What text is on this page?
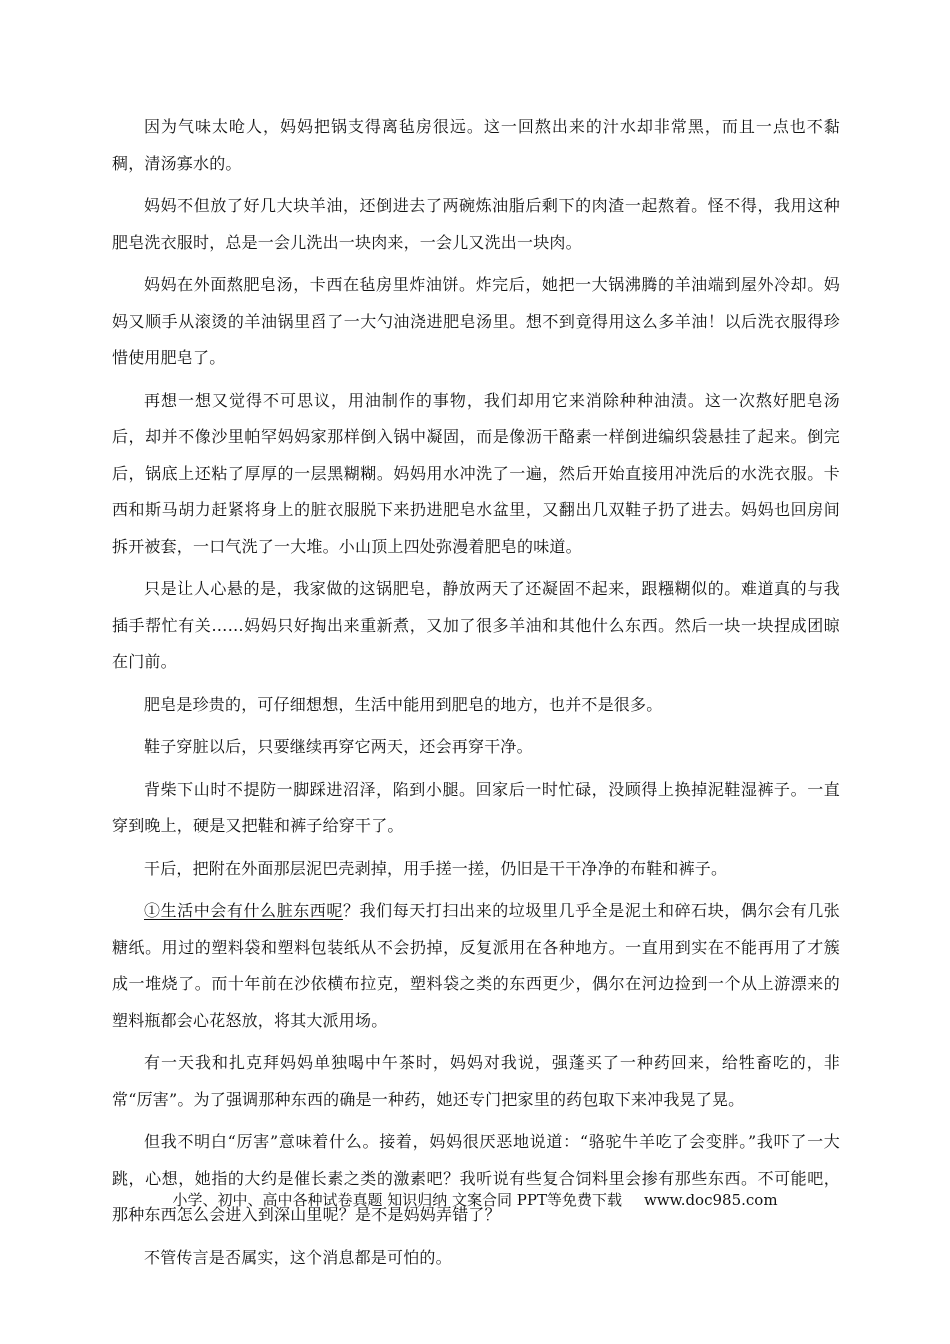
因为气味太呛人，妈妈把锅支得离毡房很远。这一回熬出来的汁水却非常黑，而且一点也不黏稠，清汤寡水的。

妈妈不但放了好几大块羊油，还倒进去了两碗炼油脂后剩下的肉渣一起熬着。怪不得，我用这种肥皂洗衣服时，总是一会儿洗出一块肉来，一会儿又洗出一块肉。

妈妈在外面熬肥皂汤，卡西在毡房里炸油饼。炸完后，她把一大锅沸腾的羊油端到屋外冷却。妈妈又顺手从滚烫的羊油锅里舀了一大勺油浇进肥皂汤里。想不到竟得用这么多羊油！以后洗衣服得珍惜使用肥皂了。

再想一想又觉得不可思议，用油制作的事物，我们却用它来消除种种油渍。这一次熬好肥皂汤后，却并不像沙里帕罕妈妈家那样倒入锅中凝固，而是像沥干酪素一样倒进编织袋悬挂了起来。倒完后，锅底上还粘了厚厚的一层黑糊糊。妈妈用水冲洗了一遍，然后开始直接用冲洗后的水洗衣服。卡西和斯马胡力赶紧将身上的脏衣服脱下来扔进肥皂水盆里，又翻出几双鞋子扔了进去。妈妈也回房间拆开被套，一口气洗了一大堆。小山顶上四处弥漫着肥皂的味道。

只是让人心悬的是，我家做的这锅肥皂，静放两天了还凝固不起来，跟糨糊似的。难道真的与我插手帮忙有关……妈妈只好掏出来重新煮，又加了很多羊油和其他什么东西。然后一块一块捏成团晾在门前。

肥皂是珍贵的，可仔细想想，生活中能用到肥皂的地方，也并不是很多。

鞋子穿脏以后，只要继续再穿它两天，还会再穿干净。

背柴下山时不提防一脚踩进沼泽，陷到小腿。回家后一时忙碌，没顾得上换掉泥鞋湿裤子。一直穿到晚上，硬是又把鞋和裤子给穿干了。

干后，把附在外面那层泥巴壳剥掉，用手搓一搓，仍旧是干干净净的布鞋和裤子。

①生活中会有什么脏东西呢？我们每天打扫出来的垃圾里几乎全是泥土和碎石块，偶尔会有几张糖纸。用过的塑料袋和塑料包装纸从不会扔掉，反复派用在各种地方。一直用到实在不能再用了才簇成一堆烧了。而十年前在沙依横布拉克，塑料袋之类的东西更少，偶尔在河边捡到一个从上游漂来的塑料瓶都会心花怒放，将其大派用场。

有一天我和扎克拜妈妈单独喝中午茶时，妈妈对我说，强蓬买了一种药回来，给牲畜吃的，非常“厉害”。为了强调那种东西的确是一种药，她还专门把家里的药包取下来冲我晃了晃。

但我不明白“厉害”意味着什么。接着，妈妈很厌恶地说道：“骆驼牛羊吃了会变胖。”我吓了一大跳，心想，她指的大约是催长素之类的激素吧？我听说有些复合饲料里会掺有那些东西。不可能吧，那种东西怎么会进入到深山里呢？是不是妈妈弄错了？

不管传言是否属实，这个消息都是可怕的。

小学、初中、高中各种试卷真题 知识归纳 文案合同 PPT等免费下载 www.doc985.com
